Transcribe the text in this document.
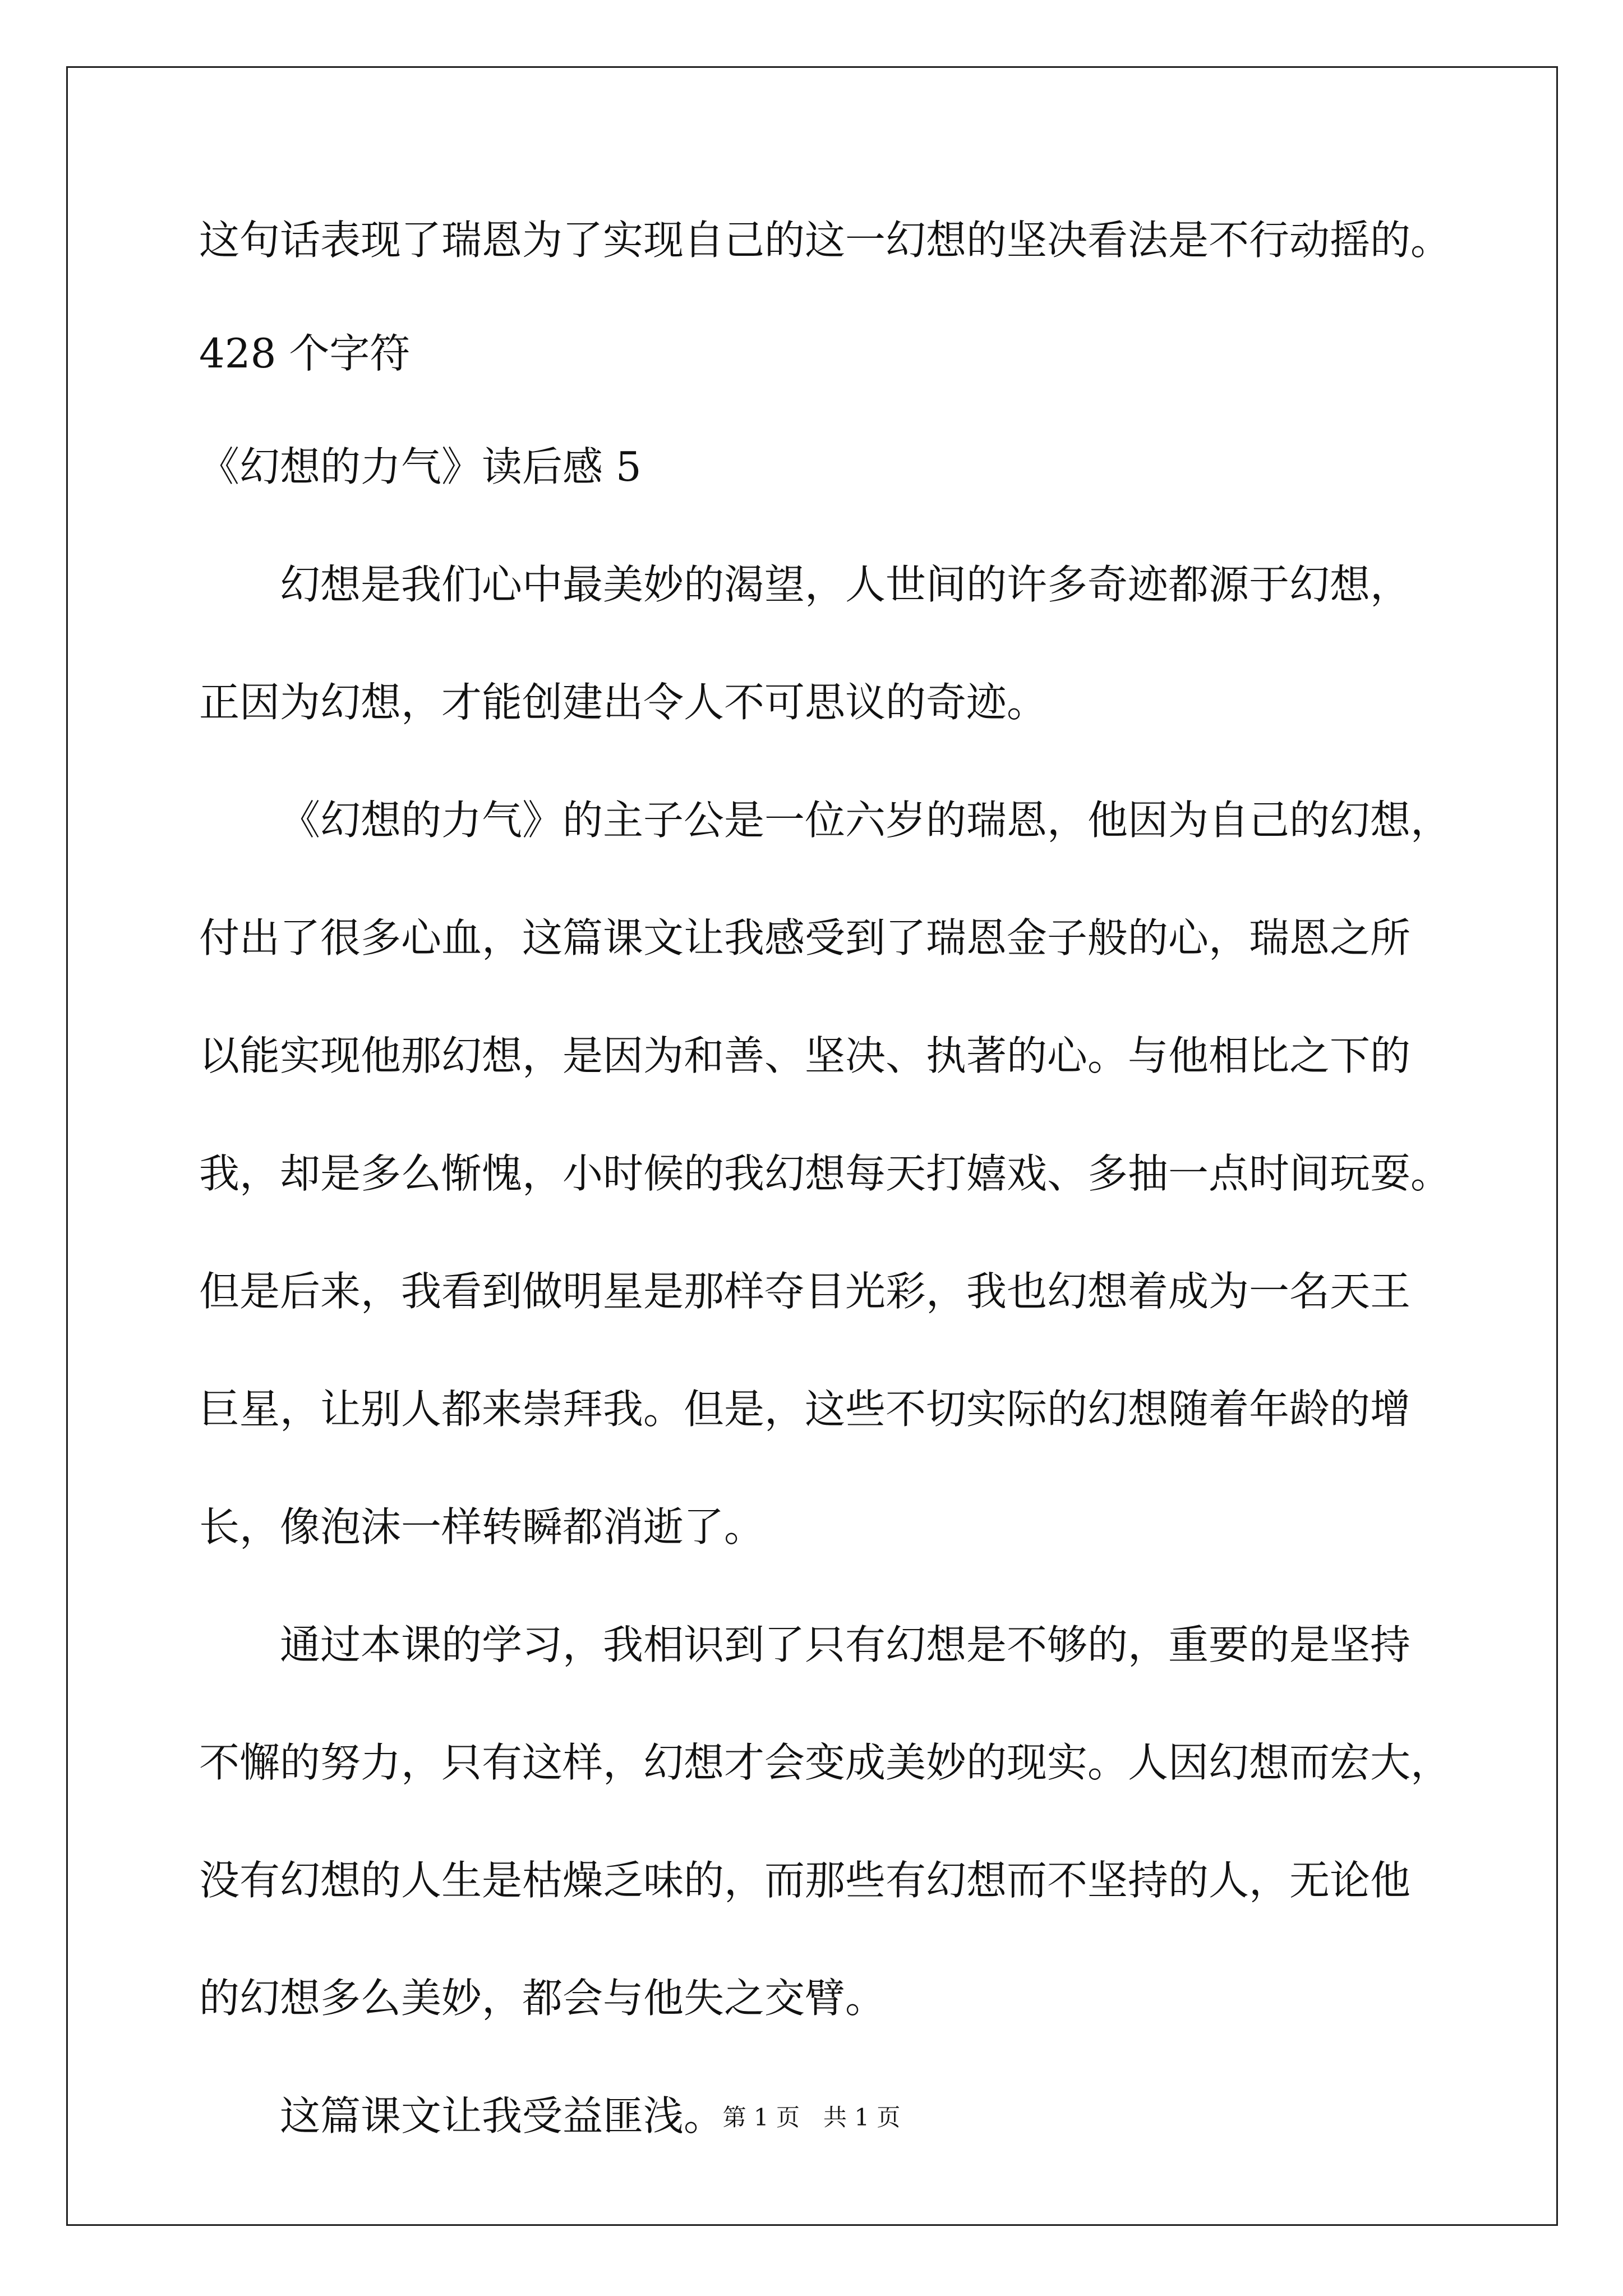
这句话表现了瑞恩为了实现自己的这一幻想的坚决看法是不行动摇的。

428 个字符

《幻想的力气》读后感 5

幻想是我们心中最美妙的渴望，人世间的许多奇迹都源于幻想，

正因为幻想，才能创建出令人不可思议的奇迹。

《幻想的力气》的主子公是一位六岁的瑞恩，他因为自己的幻想，

付出了很多心血，这篇课文让我感受到了瑞恩金子般的心，瑞恩之所

以能实现他那幻想，是因为和善、坚决、执著的心。与他相比之下的

我，却是多么惭愧，小时候的我幻想每天打嬉戏、多抽一点时间玩耍。

但是后来，我看到做明星是那样夺目光彩，我也幻想着成为一名天王

巨星，让别人都来崇拜我。但是，这些不切实际的幻想随着年龄的增

长，像泡沫一样转瞬都消逝了。

通过本课的学习，我相识到了只有幻想是不够的，重要的是坚持

不懈的努力，只有这样，幻想才会变成美妙的现实。人因幻想而宏大，

没有幻想的人生是枯燥乏味的，而那些有幻想而不坚持的人，无论他

的幻想多么美妙，都会与他失之交臂。

这篇课文让我受益匪浅。

第 1 页　共 1 页
